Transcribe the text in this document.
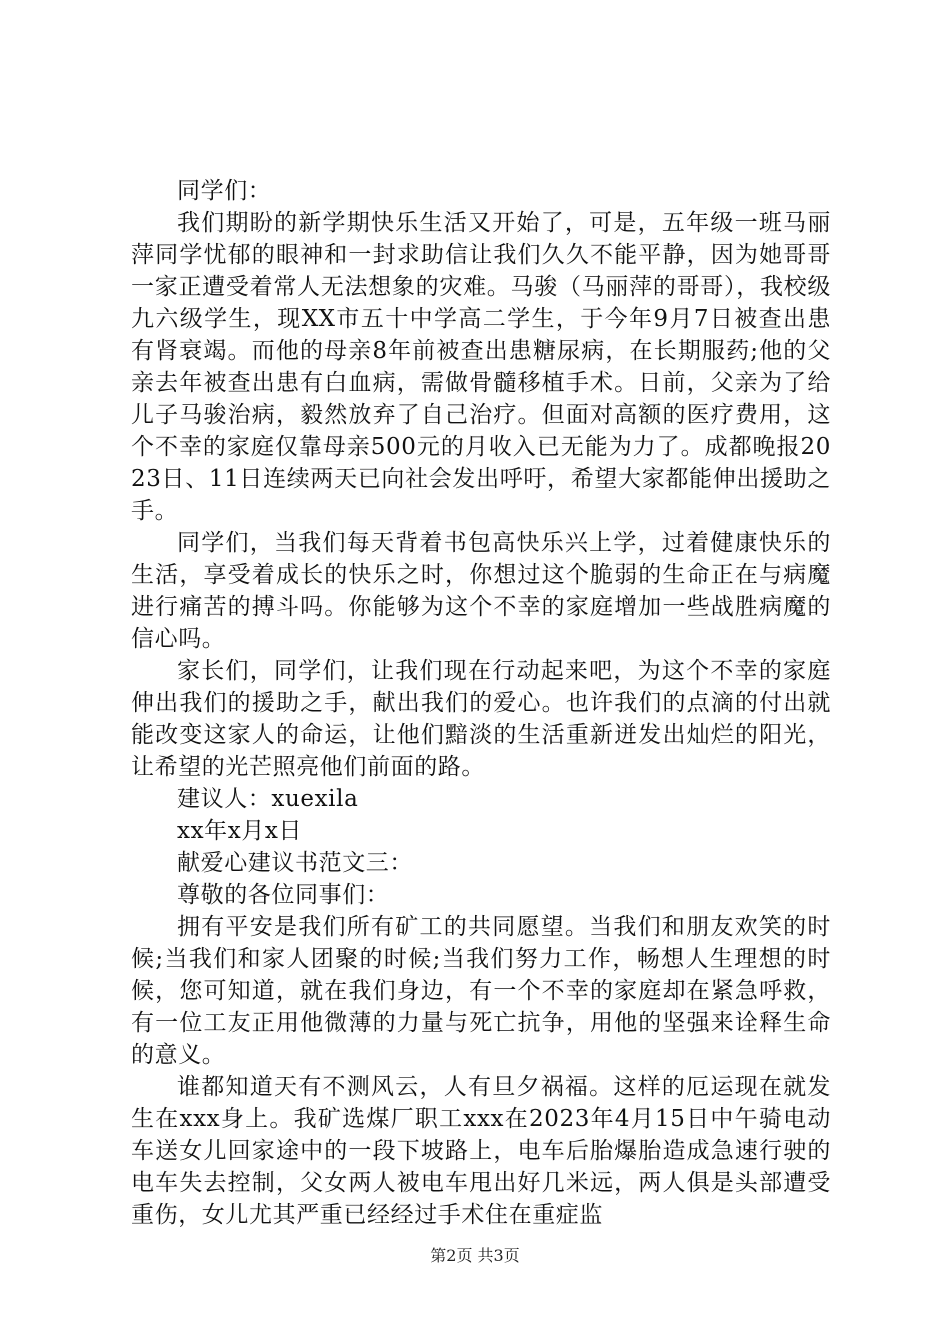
同学们：

我们期盼的新学期快乐生活又开始了，可是，五年级一班马丽萍同学忧郁的眼神和一封求助信让我们久久不能平静，因为她哥哥一家正遭受着常人无法想象的灾难。马骏（马丽萍的哥哥），我校级九六级学生，现XX市五十中学高二学生，于今年9月7日被查出患有肾衰竭。而他的母亲8年前被查出患糖尿病，在长期服药;他的父亲去年被查出患有白血病，需做骨髓移植手术。日前，父亲为了给儿子马骏治病，毅然放弃了自己治疗。但面对高额的医疗费用，这个不幸的家庭仅靠母亲500元的月收入已无能为力了。成都晚报2023日、11日连续两天已向社会发出呼吁，希望大家都能伸出援助之手。

同学们，当我们每天背着书包高快乐兴上学，过着健康快乐的生活，享受着成长的快乐之时，你想过这个脆弱的生命正在与病魔进行痛苦的搏斗吗。你能够为这个不幸的家庭增加一些战胜病魔的信心吗。

家长们，同学们，让我们现在行动起来吧，为这个不幸的家庭伸出我们的援助之手，献出我们的爱心。也许我们的点滴的付出就能改变这家人的命运，让他们黯淡的生活重新迸发出灿烂的阳光，让希望的光芒照亮他们前面的路。

建议人：xuexila

xx年x月x日

献爱心建议书范文三：

尊敬的各位同事们：

拥有平安是我们所有矿工的共同愿望。当我们和朋友欢笑的时候;当我们和家人团聚的时候;当我们努力工作，畅想人生理想的时候，您可知道，就在我们身边，有一个不幸的家庭却在紧急呼救，有一位工友正用他微薄的力量与死亡抗争，用他的坚强来诠释生命的意义。

谁都知道天有不测风云，人有旦夕祸福。这样的厄运现在就发生在xxx身上。我矿选煤厂职工xxx在2023年4月15日中午骑电动车送女儿回家途中的一段下坡路上，电车后胎爆胎造成急速行驶的电车失去控制，父女两人被电车甩出好几米远，两人俱是头部遭受重伤，女儿尤其严重已经经过手术住在重症监

第2页 共3页
